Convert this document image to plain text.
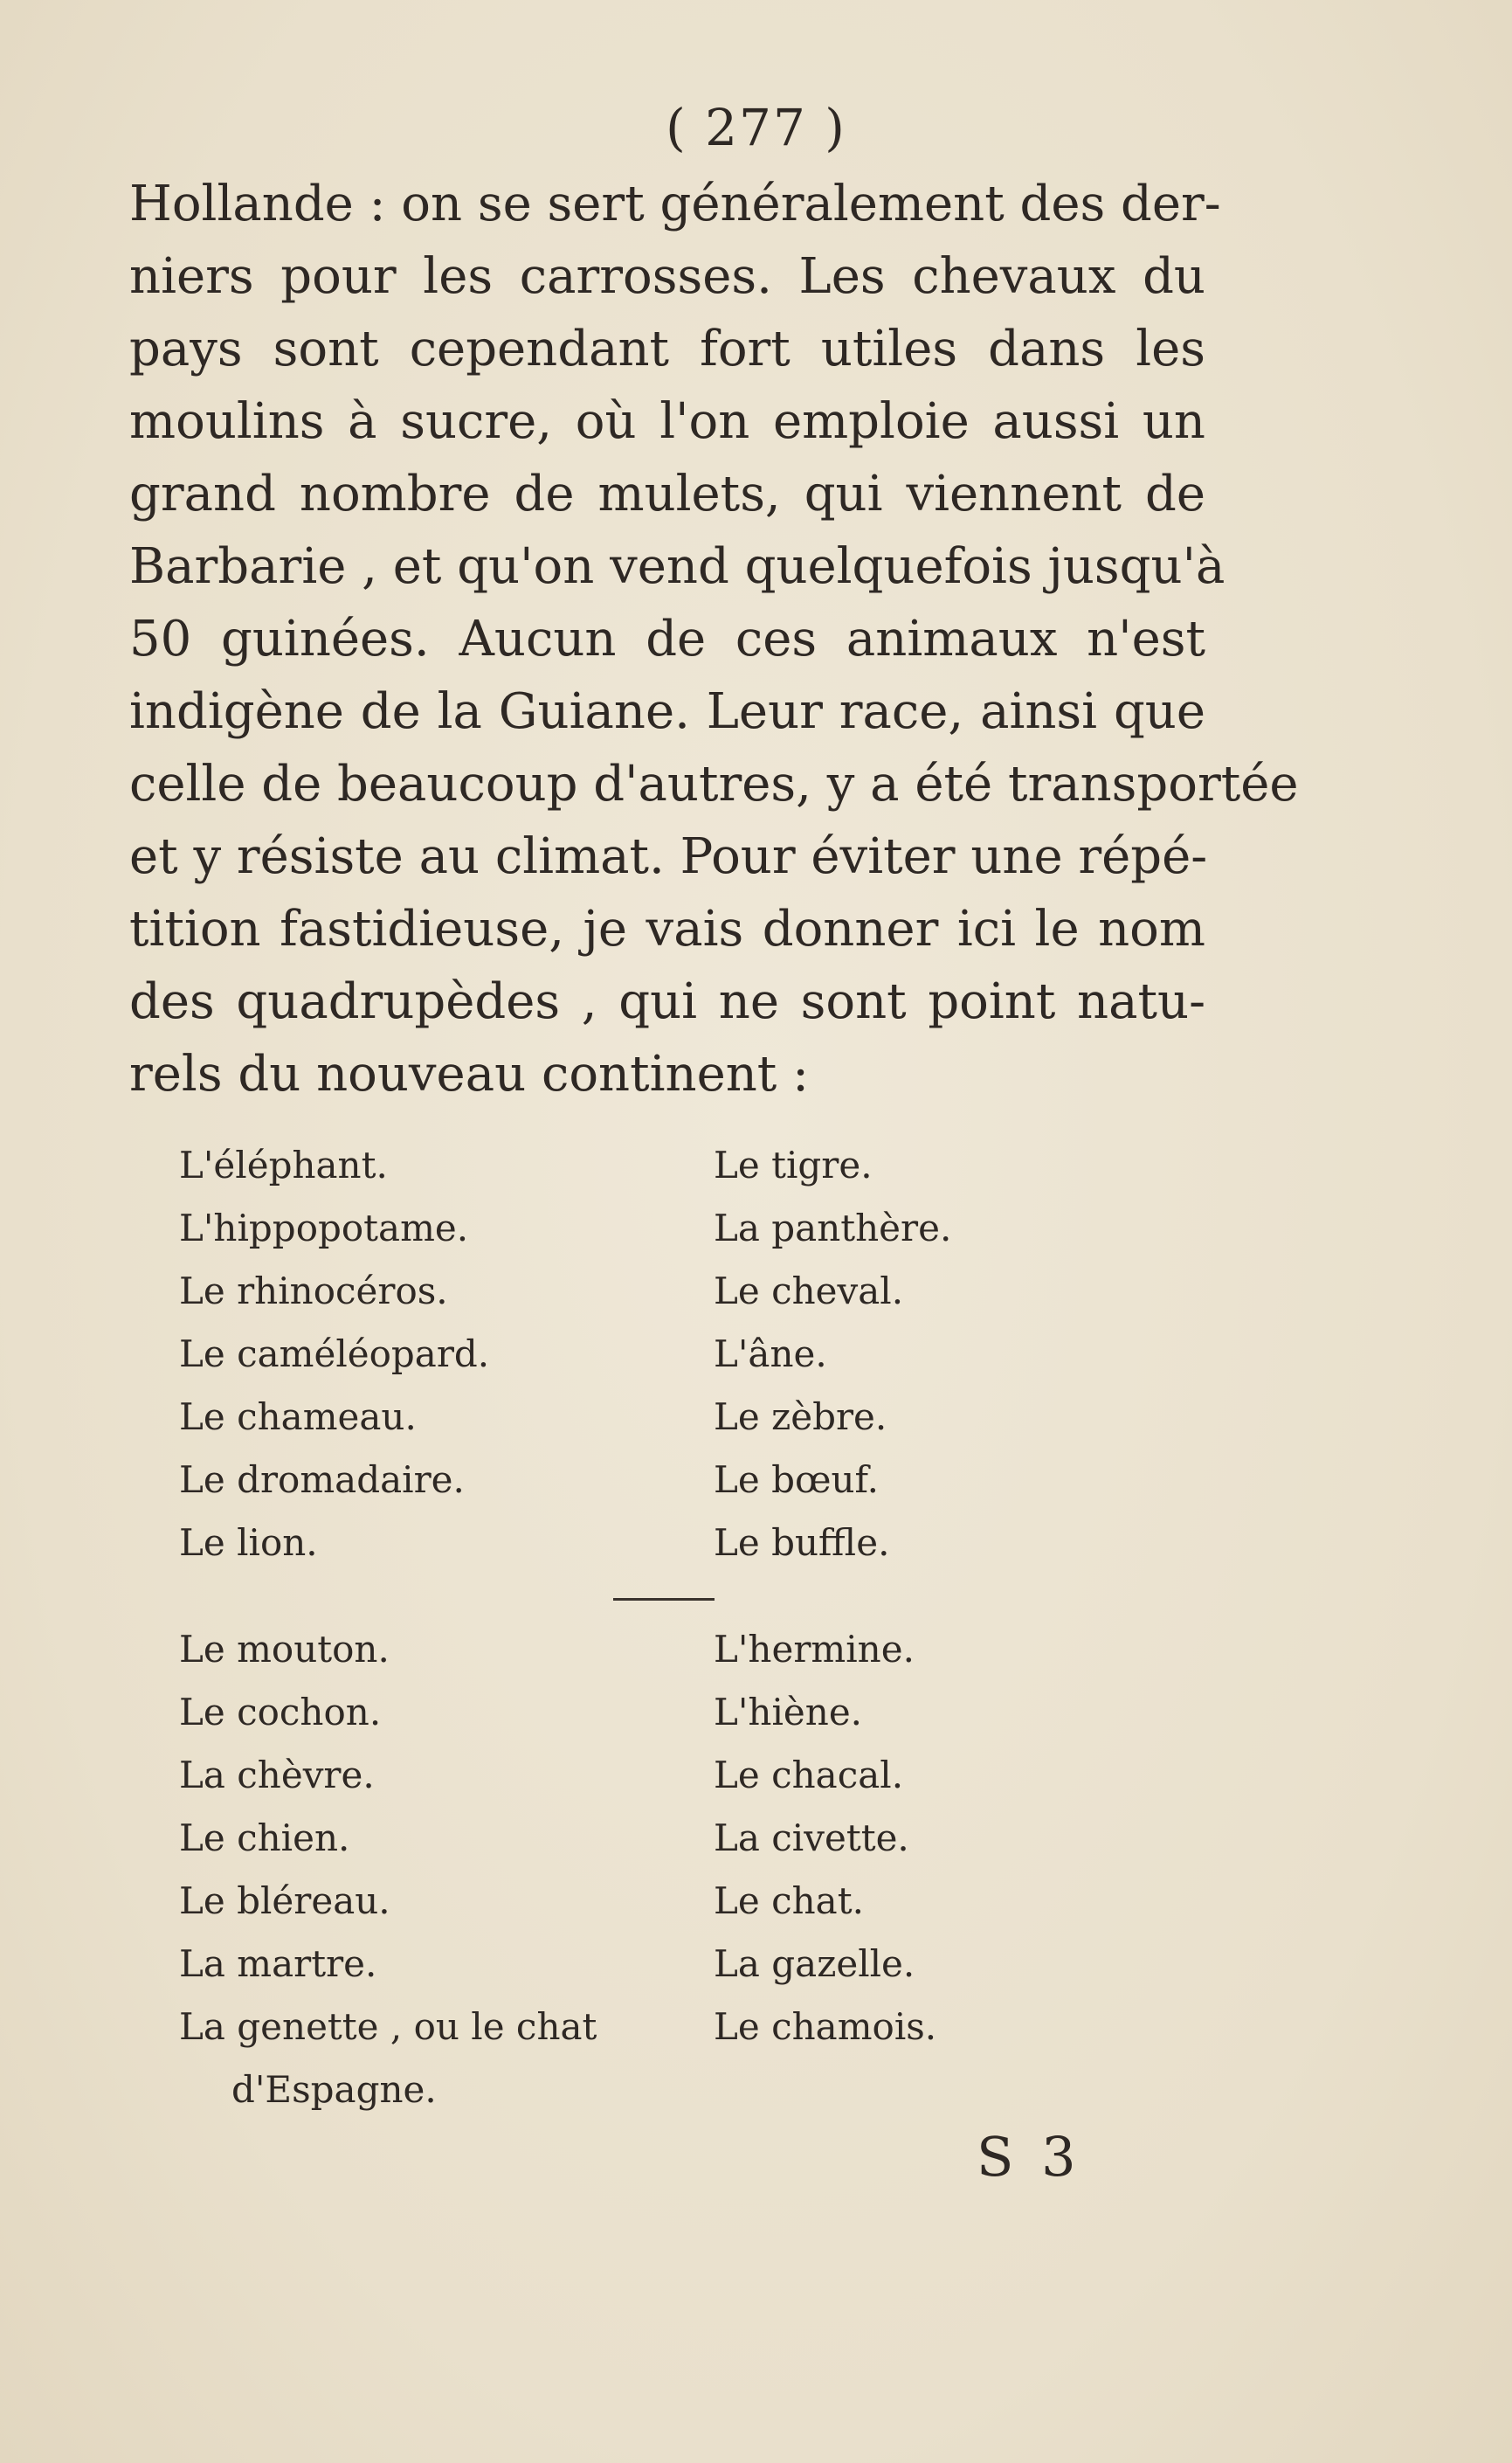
( 277 )
Hollande : on se sert généralement des der-
niers pour les carrosses. Les chevaux du
pays sont cependant fort utiles dans les
moulins à sucre, où l'on emploie aussi un
grand nombre de mulets, qui viennent de
Barbarie , et qu'on vend quelquefois jusqu'à
50 guinées. Aucun de ces animaux n'est
indigène de la Guiane. Leur race, ainsi que
celle de beaucoup d'autres, y a été transportée
et y résiste au climat. Pour éviter une répé-
tition fastidieuse, je vais donner ici le nom
des quadrupèdes , qui ne sont point natu-
rels du nouveau continent :
L'éléphant.
L'hippopotame.
Le rhinocéros.
Le caméléopard.
Le chameau.
Le dromadaire.
Le lion.
Le tigre.
La panthère.
Le cheval.
L'âne.
Le zèbre.
Le bœuf.
Le buffle.
Le mouton.
Le cochon.
La chèvre.
Le chien.
Le bléreau.
La martre.
La genette , ou le chat
d'Espagne.
L'hermine.
L'hiène.
Le chacal.
La civette.
Le chat.
La gazelle.
Le chamois.
S 3
